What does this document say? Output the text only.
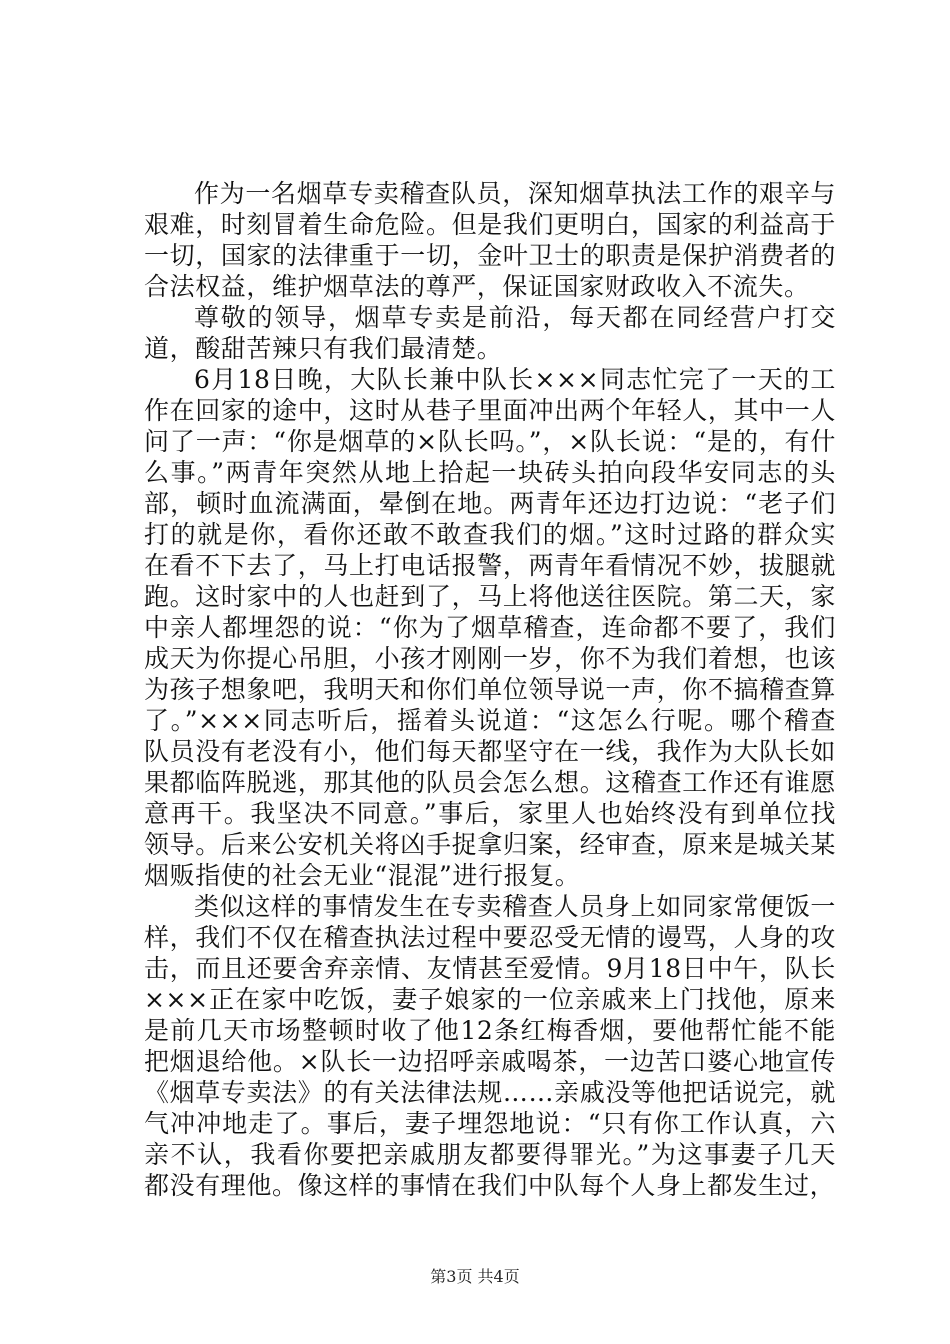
作为一名烟草专卖稽查队员，深知烟草执法工作的艰辛与艰难，时刻冒着生命危险。但是我们更明白，国家的利益高于一切，国家的法律重于一切，金叶卫士的职责是保护消费者的合法权益，维护烟草法的尊严，保证国家财政收入不流失。

尊敬的领导，烟草专卖是前沿，每天都在同经营户打交道，酸甜苦辣只有我们最清楚。

6月18日晚，大队长兼中队长×××同志忙完了一天的工作在回家的途中，这时从巷子里面冲出两个年轻人，其中一人问了一声：“你是烟草的×队长吗。”，×队长说：“是的，有什么事。”两青年突然从地上拾起一块砖头拍向段华安同志的头部，顿时血流满面，晕倒在地。两青年还边打边说：“老子们打的就是你，看你还敢不敢查我们的烟。”这时过路的群众实在看不下去了，马上打电话报警，两青年看情况不妙，拔腿就跑。这时家中的人也赶到了，马上将他送往医院。第二天，家中亲人都埋怨的说：“你为了烟草稽查，连命都不要了，我们成天为你提心吊胆，小孩才刚刚一岁，你不为我们着想，也该为孩子想象吧，我明天和你们单位领导说一声，你不搞稽查算了。”×××同志听后，摇着头说道：“这怎么行呢。哪个稽查队员没有老没有小，他们每天都坚守在一线，我作为大队长如果都临阵脱逃，那其他的队员会怎么想。这稽查工作还有谁愿意再干。我坚决不同意。”事后，家里人也始终没有到单位找领导。后来公安机关将凶手捉拿归案，经审查，原来是城关某烟贩指使的社会无业“混混”进行报复。

类似这样的事情发生在专卖稽查人员身上如同家常便饭一样，我们不仅在稽查执法过程中要忍受无情的谩骂，人身的攻击，而且还要舍弃亲情、友情甚至爱情。9月18日中午，队长×××正在家中吃饭，妻子娘家的一位亲戚来上门找他，原来是前几天市场整顿时收了他12条红梅香烟，要他帮忙能不能把烟退给他。×队长一边招呼亲戚喝茶，一边苦口婆心地宣传《烟草专卖法》的有关法律法规……亲戚没等他把话说完，就气冲冲地走了。事后，妻子埋怨地说：“只有你工作认真，六亲不认，我看你要把亲戚朋友都要得罪光。”为这事妻子几天都没有理他。像这样的事情在我们中队每个人身上都发生过，

第3页 共4页
